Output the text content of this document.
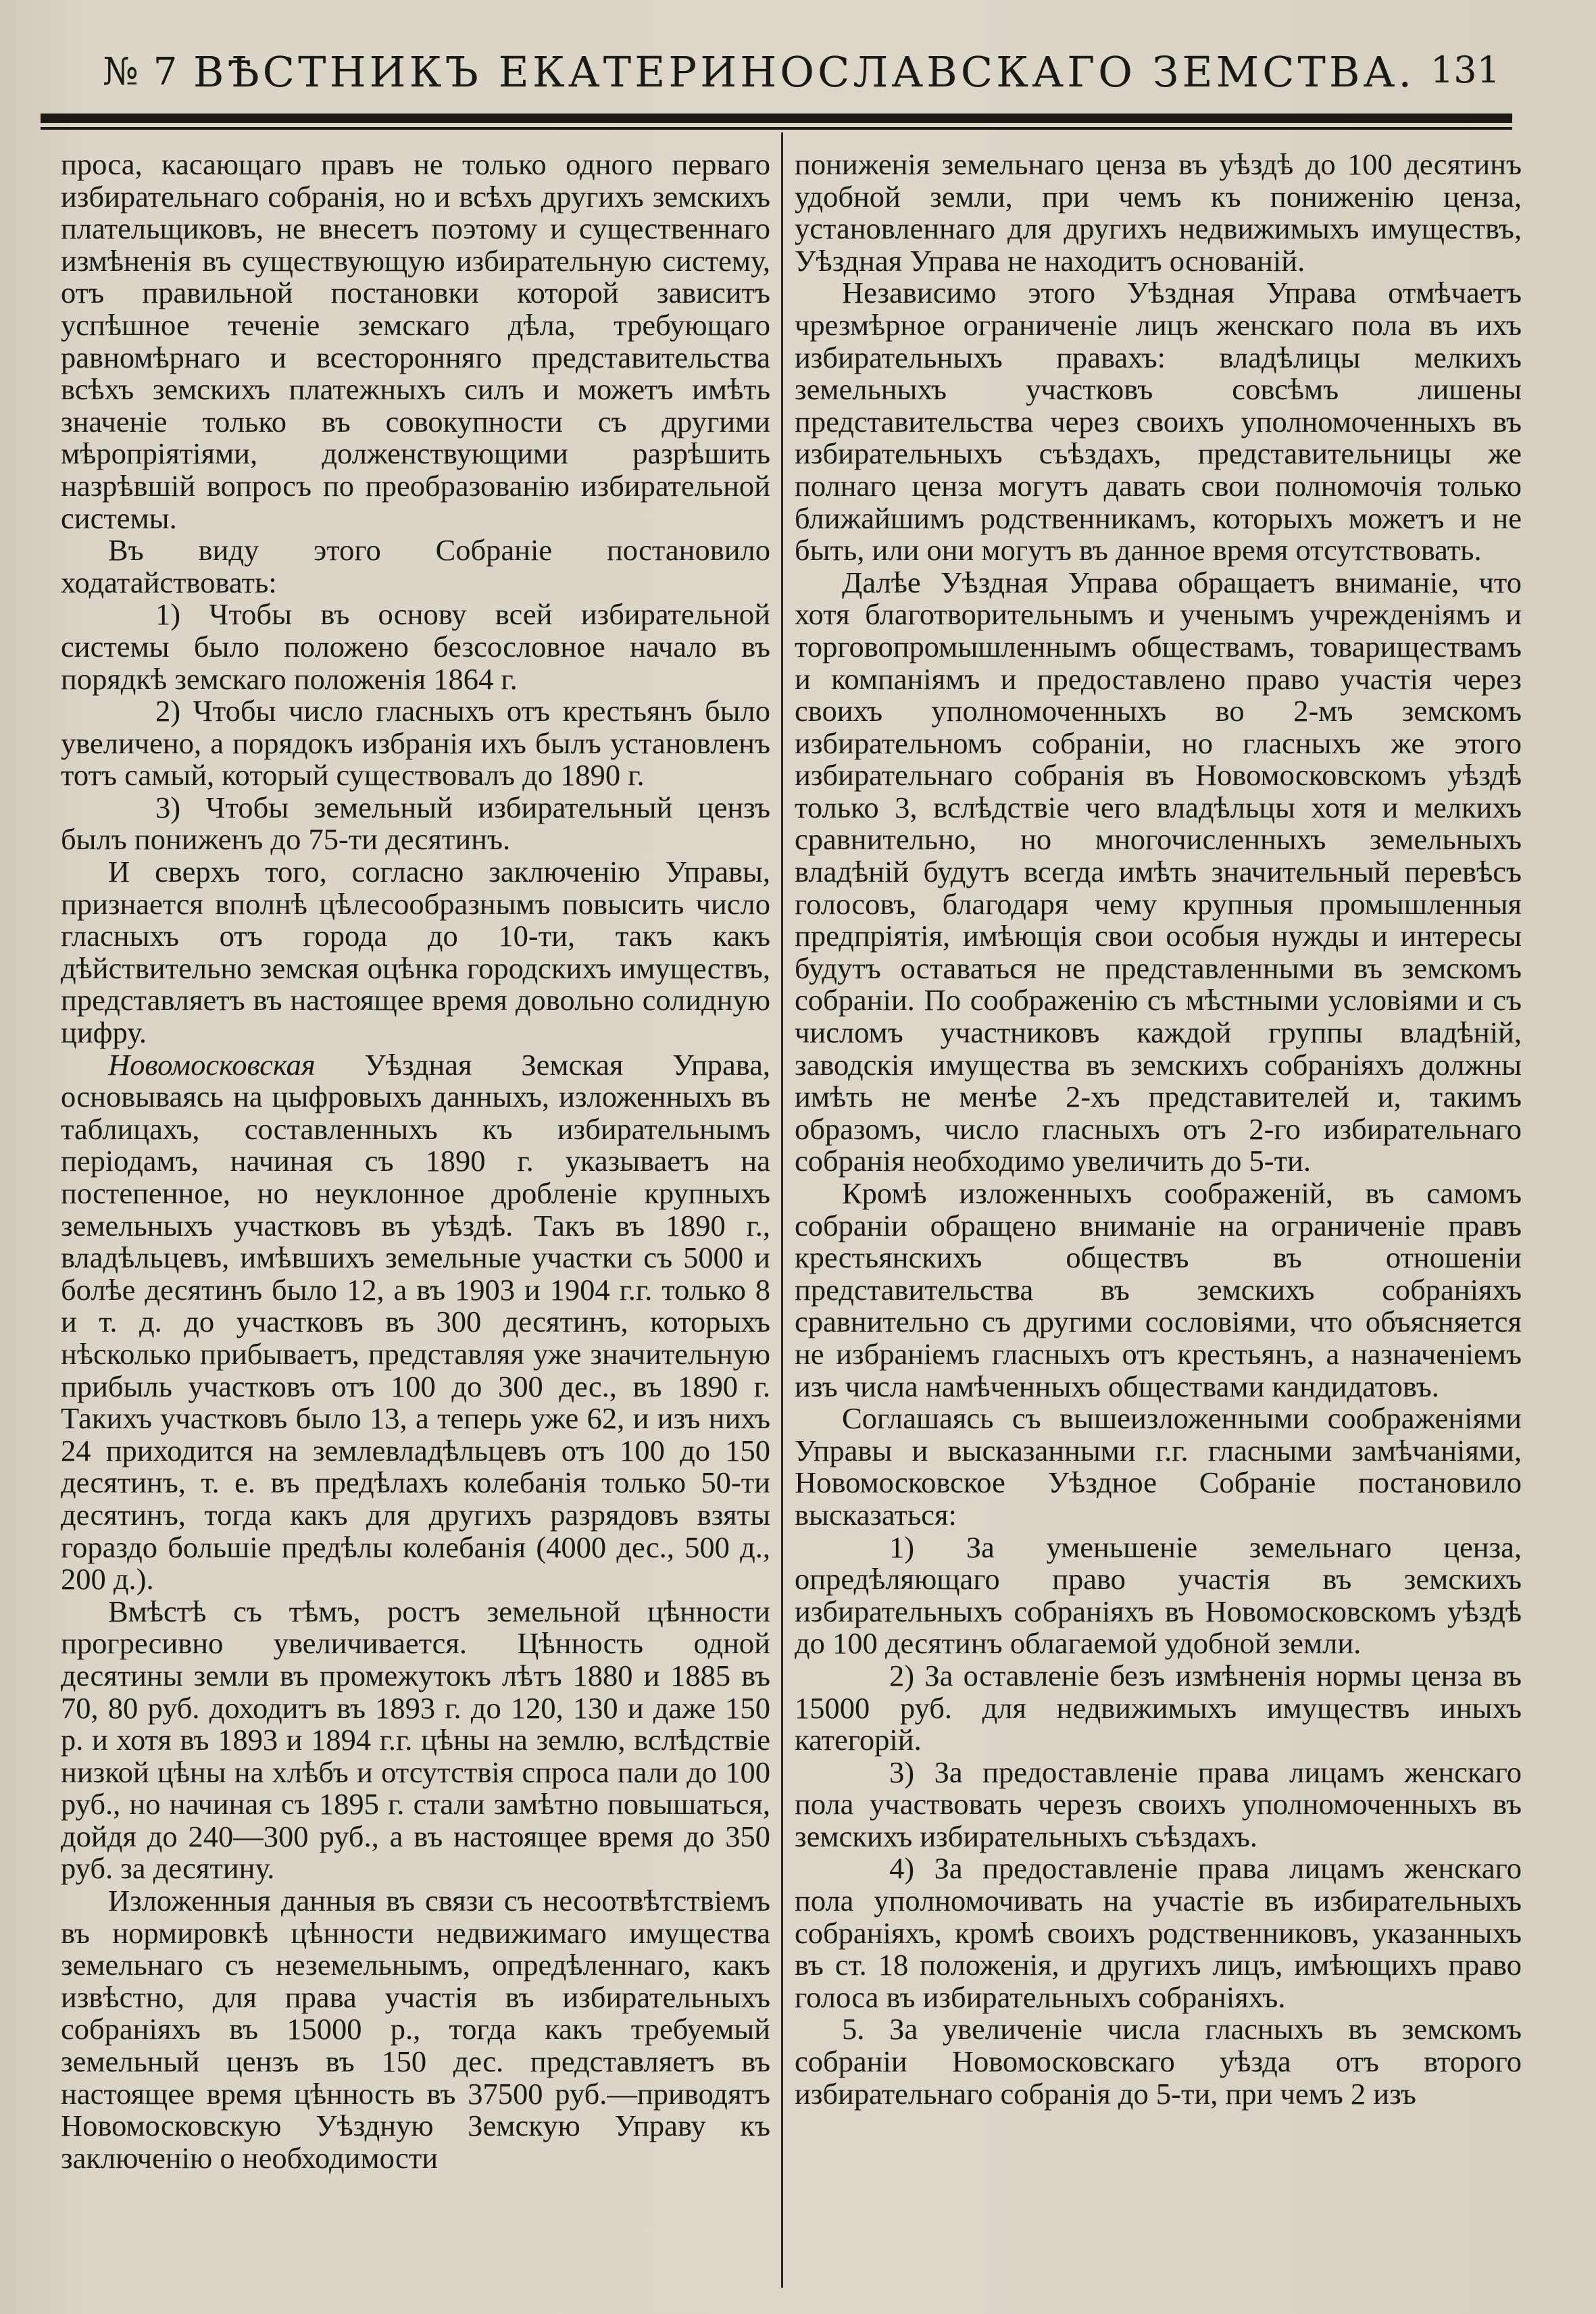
№ 7 ВѢСТНИКЪ ЕКАТЕРИНОСЛАВСКАГО ЗЕМСТВА. 131

проса, касающаго правъ не только одного перваго избирательнаго собранія, но и всѣхъ другихъ земскихъ плательщиковъ, не внесетъ поэтому и существеннаго измѣненія въ существующую избирательную систему, отъ правильной постановки которой зависитъ успѣшное теченіе земскаго дѣла, требующаго равномѣрнаго и всесторонняго представительства всѣхъ земскихъ платежныхъ силъ и можетъ имѣть значеніе только въ совокупности съ другими мѣропріятіями, долженствующими разрѣшить назрѣвшій вопросъ по преобразованію избирательной системы.

Въ виду этого Собраніе постановило ходатайствовать:

1) Чтобы въ основу всей избирательной системы было положено безсословное начало въ порядкѣ земскаго положенія 1864 г.

2) Чтобы число гласныхъ отъ крестьянъ было увеличено, а порядокъ избранія ихъ былъ установленъ тотъ самый, который существовалъ до 1890 г.

3) Чтобы земельный избирательный цензъ былъ пониженъ до 75-ти десятинъ.

И сверхъ того, согласно заключенію Управы, признается вполнѣ цѣлесообразнымъ повысить число гласныхъ отъ города до 10-ти, такъ какъ дѣйствительно земская оцѣнка городскихъ имуществъ, представляетъ въ настоящее время довольно солидную цифру.

Новомосковская Уѣздная Земская Управа, основываясь на цыфровыхъ данныхъ, изложенныхъ въ таблицахъ, составленныхъ къ избирательнымъ періодамъ, начиная съ 1890 г. указываетъ на постепенное, но неуклонное дробленіе крупныхъ земельныхъ участковъ въ уѣздѣ. Такъ въ 1890 г., владѣльцевъ, имѣвшихъ земельные участки съ 5000 и болѣе десятинъ было 12, а въ 1903 и 1904 г.г. только 8 и т. д. до участковъ въ 300 десятинъ, которыхъ нѣсколько прибываетъ, представляя уже значительную прибыль участковъ отъ 100 до 300 дес., въ 1890 г. Такихъ участковъ было 13, а теперь уже 62, и изъ нихъ 24 приходится на землевладѣльцевъ отъ 100 до 150 десятинъ, т. е. въ предѣлахъ колебанія только 50-ти десятинъ, тогда какъ для другихъ разрядовъ взяты гораздо большіе предѣлы колебанія (4000 дес., 500 д., 200 д.).

Вмѣстѣ съ тѣмъ, ростъ земельной цѣнности прогресивно увеличивается. Цѣнность одной десятины земли въ промежутокъ лѣтъ 1880 и 1885 въ 70, 80 руб. доходитъ въ 1893 г. до 120, 130 и даже 150 р. и хотя въ 1893 и 1894 г.г. цѣны на землю, вслѣдствіе низкой цѣны на хлѣбъ и отсутствія спроса пали до 100 руб., но начиная съ 1895 г. стали замѣтно повышаться, дойдя до 240—300 руб., а въ настоящее время до 350 руб. за десятину.

Изложенныя данныя въ связи съ несоотвѣтствіемъ въ нормировкѣ цѣнности недвижимаго имущества земельнаго съ неземельнымъ, опредѣленнаго, какъ извѣстно, для права участія въ избирательныхъ собраніяхъ въ 15000 р., тогда какъ требуемый земельный цензъ въ 150 дес. представляетъ въ настоящее время цѣнность въ 37500 руб.—приводятъ Новомосковскую Уѣздную Земскую Управу къ заключенію о необходимости

пониженія земельнаго ценза въ уѣздѣ до 100 десятинъ удобной земли, при чемъ къ пониженію ценза, установленнаго для другихъ недвижимыхъ имуществъ, Уѣздная Управа не находитъ основаній.

Независимо этого Уѣздная Управа отмѣчаетъ чрезмѣрное ограниченіе лицъ женскаго пола въ ихъ избирательныхъ правахъ: владѣлицы мелкихъ земельныхъ участковъ совсѣмъ лишены представительства через своихъ уполномоченныхъ въ избирательныхъ съѣздахъ, представительницы же полнаго ценза могутъ давать свои полномочія только ближайшимъ родственникамъ, которыхъ можетъ и не быть, или они могутъ въ данное время отсутствовать.

Далѣе Уѣздная Управа обращаетъ вниманіе, что хотя благотворительнымъ и ученымъ учрежденіямъ и торговопромышленнымъ обществамъ, товариществамъ и компаніямъ и предоставлено право участія через своихъ уполномоченныхъ во 2-мъ земскомъ избирательномъ собраніи, но гласныхъ же этого избирательнаго собранія въ Новомосковскомъ уѣздѣ только 3, вслѣдствіе чего владѣльцы хотя и мелкихъ сравнительно, но многочисленныхъ земельныхъ владѣній будутъ всегда имѣть значительный перевѣсъ голосовъ, благодаря чему крупныя промышленныя предпріятія, имѣющія свои особыя нужды и интересы будутъ оставаться не представленными въ земскомъ собраніи. По соображенію съ мѣстными условіями и съ числомъ участниковъ каждой группы владѣній, заводскія имущества въ земскихъ собраніяхъ должны имѣть не менѣе 2-хъ представителей и, такимъ образомъ, число гласныхъ отъ 2-го избирательнаго собранія необходимо увеличить до 5-ти.

Кромѣ изложенныхъ соображеній, въ самомъ собраніи обращено вниманіе на ограниченіе правъ крестьянскихъ обществъ въ отношеніи представительства въ земскихъ собраніяхъ сравнительно съ другими сословіями, что объясняется не избраніемъ гласныхъ отъ крестьянъ, а назначеніемъ изъ числа намѣченныхъ обществами кандидатовъ.

Соглашаясь съ вышеизложенными соображеніями Управы и высказанными г.г. гласными замѣчаніями, Новомосковское Уѣздное Собраніе постановило высказаться:

1) За уменьшеніе земельнаго ценза, опредѣляющаго право участія въ земскихъ избирательныхъ собраніяхъ въ Новомосковскомъ уѣздѣ до 100 десятинъ облагаемой удобной земли.

2) За оставленіе безъ измѣненія нормы ценза въ 15000 руб. для недвижимыхъ имуществъ иныхъ категорій.

3) За предоставленіе права лицамъ женскаго пола участвовать черезъ своихъ уполномоченныхъ въ земскихъ избирательныхъ съѣздахъ.

4) За предоставленіе права лицамъ женскаго пола уполномочивать на участіе въ избирательныхъ собраніяхъ, кромѣ своихъ родственниковъ, указанныхъ въ ст. 18 положенія, и другихъ лицъ, имѣющихъ право голоса въ избирательныхъ собраніяхъ.

5. За увеличеніе числа гласныхъ въ земскомъ собраніи Новомосковскаго уѣзда отъ второго избирательнаго собранія до 5-ти, при чемъ 2 изъ
